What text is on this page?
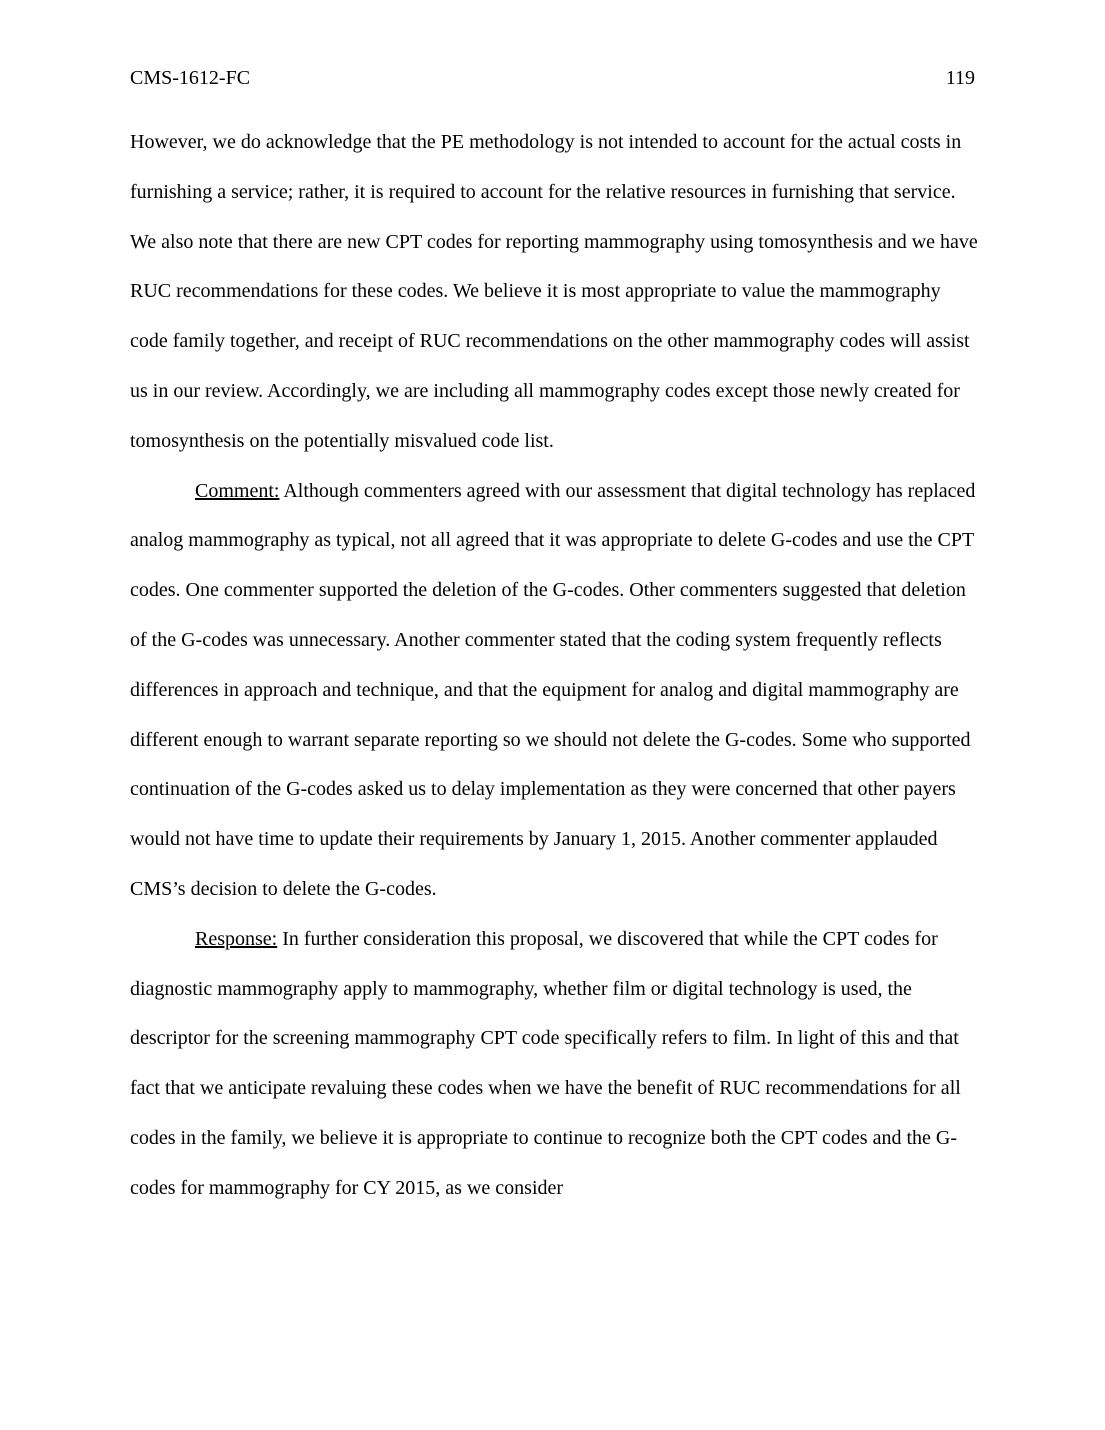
CMS-1612-FC	119

However, we do acknowledge that the PE methodology is not intended to account for the actual costs in furnishing a service; rather, it is required to account for the relative resources in furnishing that service. We also note that there are new CPT codes for reporting mammography using tomosynthesis and we have RUC recommendations for these codes. We believe it is most appropriate to value the mammography code family together, and receipt of RUC recommendations on the other mammography codes will assist us in our review. Accordingly, we are including all mammography codes except those newly created for tomosynthesis on the potentially misvalued code list.

Comment: Although commenters agreed with our assessment that digital technology has replaced analog mammography as typical, not all agreed that it was appropriate to delete G-codes and use the CPT codes. One commenter supported the deletion of the G-codes. Other commenters suggested that deletion of the G-codes was unnecessary. Another commenter stated that the coding system frequently reflects differences in approach and technique, and that the equipment for analog and digital mammography are different enough to warrant separate reporting so we should not delete the G-codes. Some who supported continuation of the G-codes asked us to delay implementation as they were concerned that other payers would not have time to update their requirements by January 1, 2015. Another commenter applauded CMS’s decision to delete the G-codes.

Response: In further consideration this proposal, we discovered that while the CPT codes for diagnostic mammography apply to mammography, whether film or digital technology is used, the descriptor for the screening mammography CPT code specifically refers to film. In light of this and that fact that we anticipate revaluing these codes when we have the benefit of RUC recommendations for all codes in the family, we believe it is appropriate to continue to recognize both the CPT codes and the G-codes for mammography for CY 2015, as we consider
